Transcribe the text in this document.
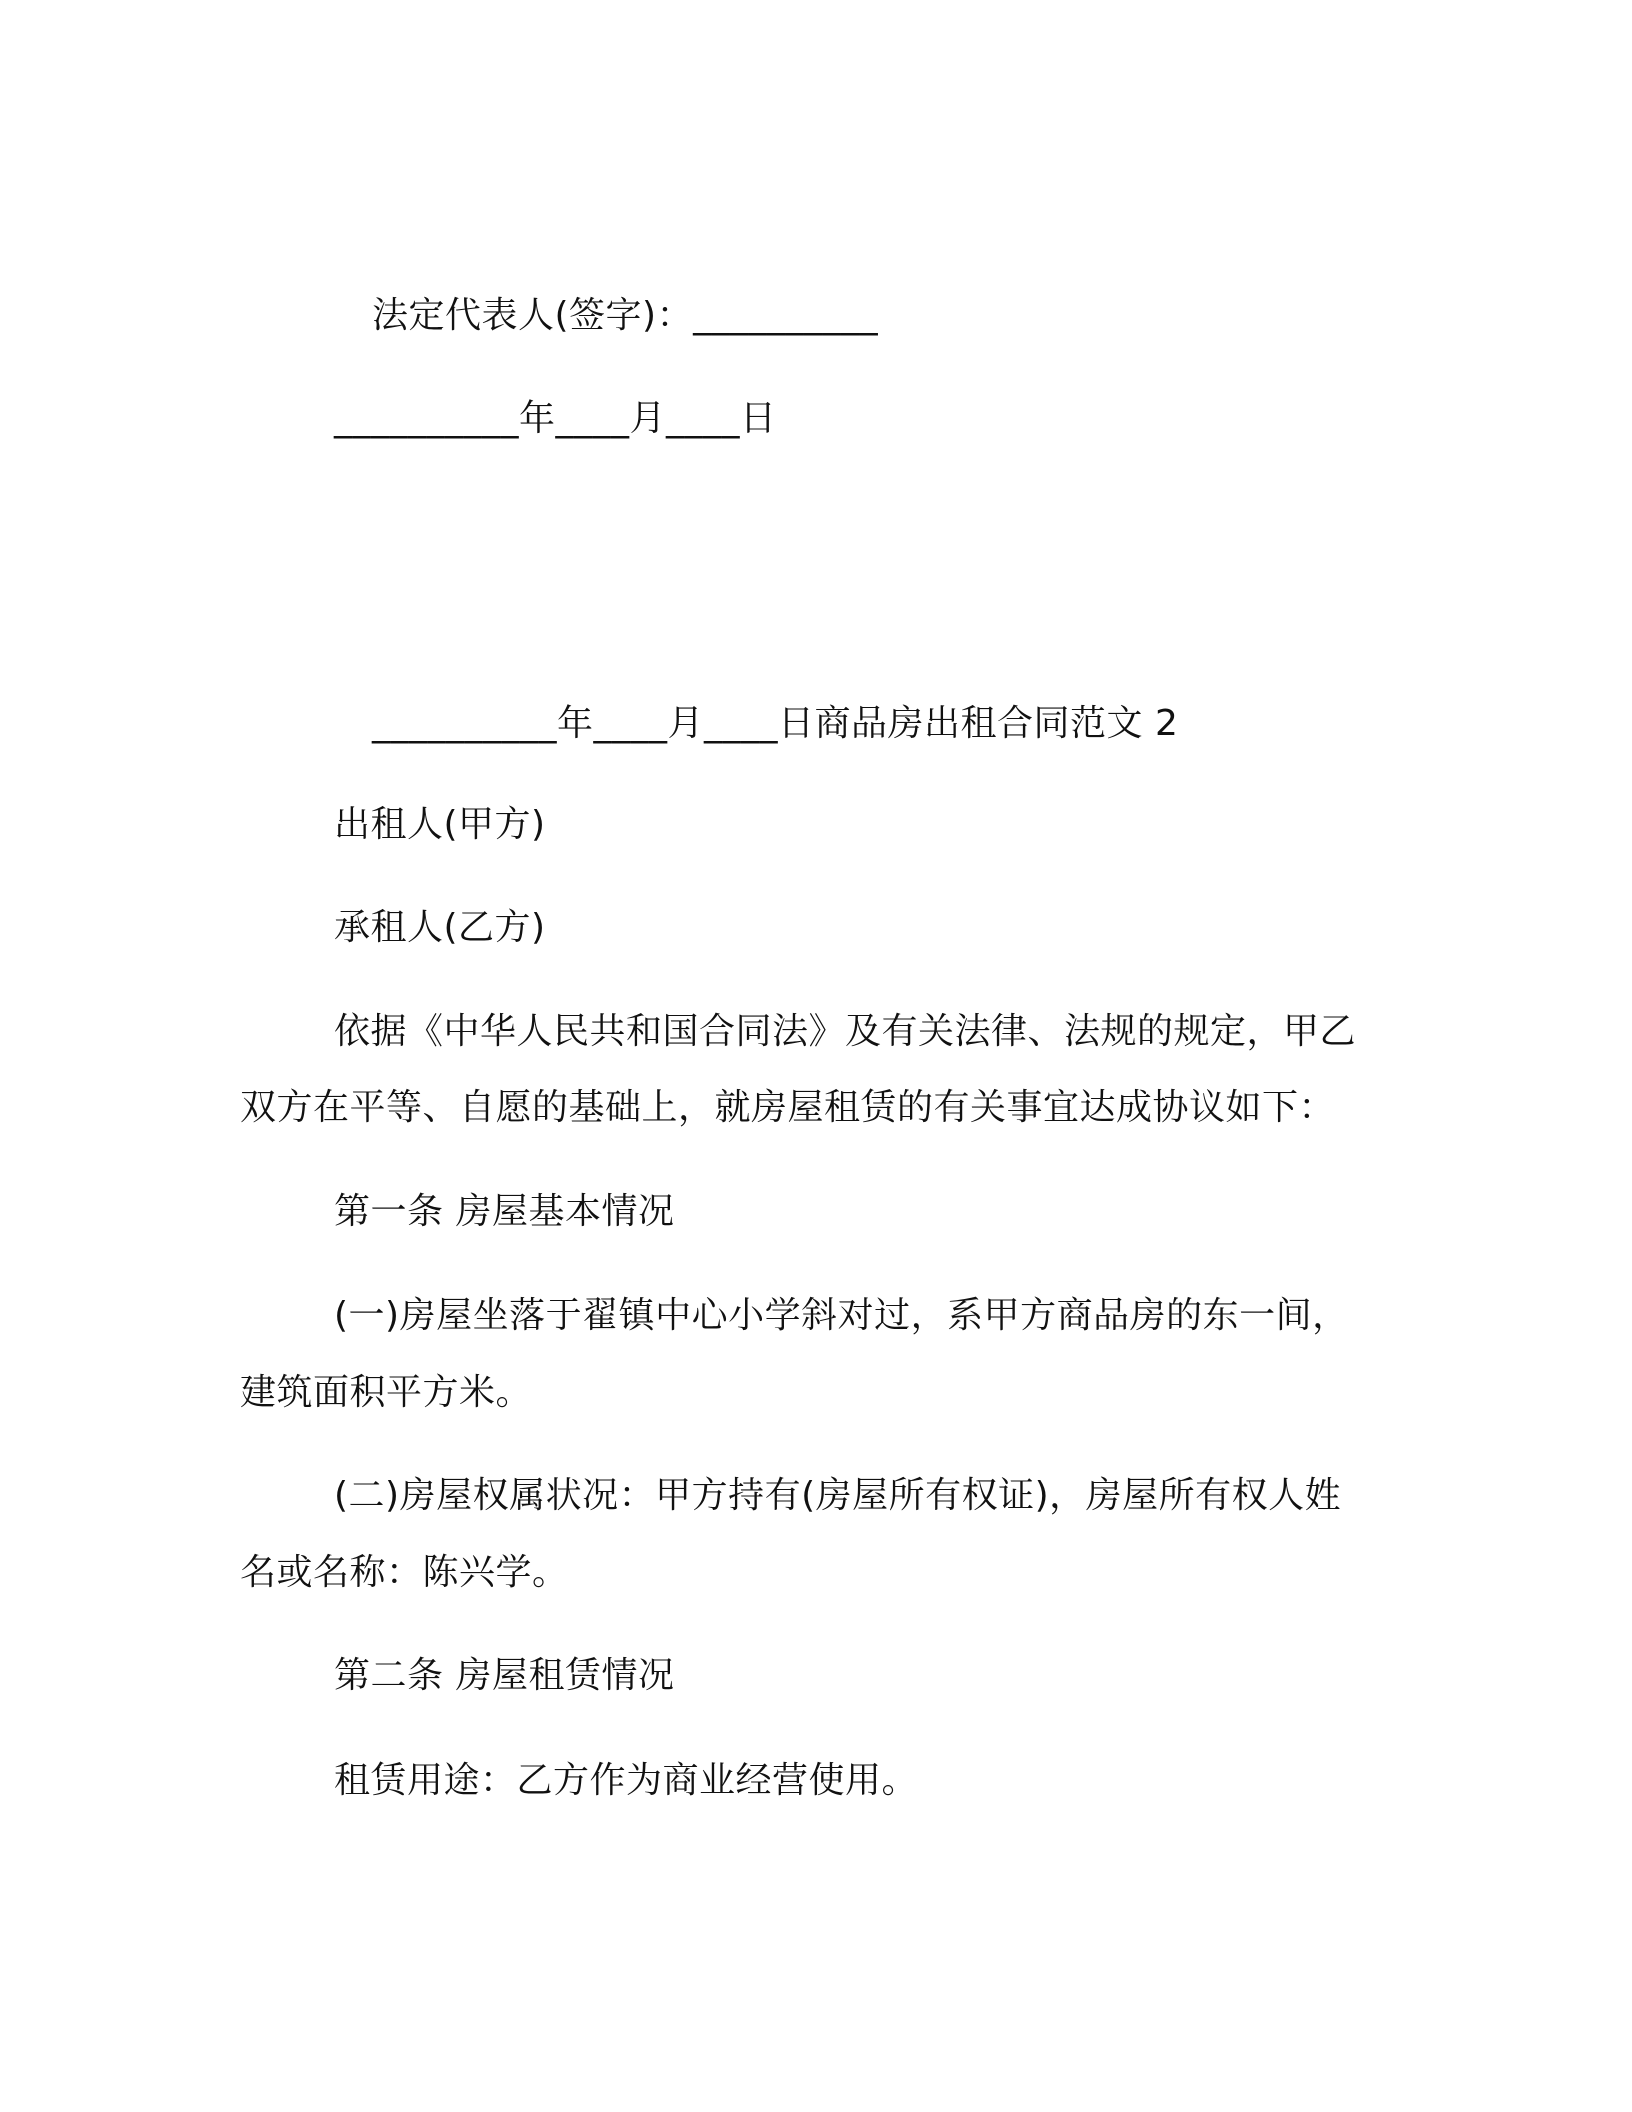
法定代表人(签字)：__________
__________年____月____日
__________年____月____日商品房出租合同范文 2
出租人(甲方)
承租人(乙方)
依据《中华人民共和国合同法》及有关法律、法规的规定，甲乙
双方在平等、自愿的基础上，就房屋租赁的有关事宜达成协议如下：
第一条 房屋基本情况
(一)房屋坐落于翟镇中心小学斜对过，系甲方商品房的东一间，
建筑面积平方米。
(二)房屋权属状况：甲方持有(房屋所有权证)，房屋所有权人姓
名或名称：陈兴学。
第二条 房屋租赁情况
租赁用途：乙方作为商业经营使用。
